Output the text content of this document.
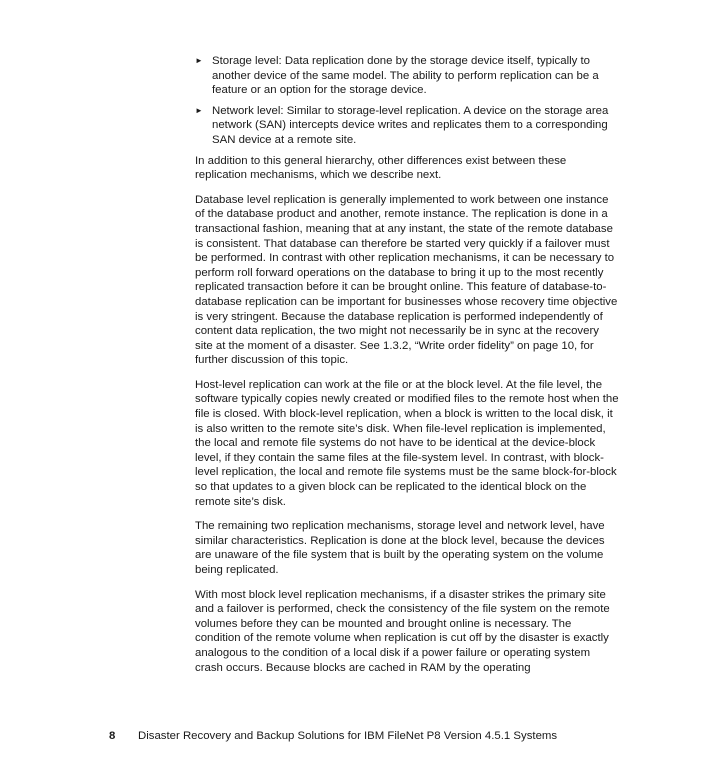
► Storage level: Data replication done by the storage device itself, typically to another device of the same model. The ability to perform replication can be a feature or an option for the storage device.
► Network level: Similar to storage-level replication. A device on the storage area network (SAN) intercepts device writes and replicates them to a corresponding SAN device at a remote site.

In addition to this general hierarchy, other differences exist between these replication mechanisms, which we describe next.

Database level replication is generally implemented to work between one instance of the database product and another, remote instance. The replication is done in a transactional fashion, meaning that at any instant, the state of the remote database is consistent. That database can therefore be started very quickly if a failover must be performed. In contrast with other replication mechanisms, it can be necessary to perform roll forward operations on the database to bring it up to the most recently replicated transaction before it can be brought online. This feature of database-to-database replication can be important for businesses whose recovery time objective is very stringent. Because the database replication is performed independently of content data replication, the two might not necessarily be in sync at the recovery site at the moment of a disaster. See 1.3.2, “Write order fidelity” on page 10, for further discussion of this topic.

Host-level replication can work at the file or at the block level. At the file level, the software typically copies newly created or modified files to the remote host when the file is closed. With block-level replication, when a block is written to the local disk, it is also written to the remote site’s disk. When file-level replication is implemented, the local and remote file systems do not have to be identical at the device-block level, if they contain the same files at the file-system level. In contrast, with block-level replication, the local and remote file systems must be the same block-for-block so that updates to a given block can be replicated to the identical block on the remote site’s disk.

The remaining two replication mechanisms, storage level and network level, have similar characteristics. Replication is done at the block level, because the devices are unaware of the file system that is built by the operating system on the volume being replicated.

With most block level replication mechanisms, if a disaster strikes the primary site and a failover is performed, check the consistency of the file system on the remote volumes before they can be mounted and brought online is necessary. The condition of the remote volume when replication is cut off by the disaster is exactly analogous to the condition of a local disk if a power failure or operating system crash occurs. Because blocks are cached in RAM by the operating

8	Disaster Recovery and Backup Solutions for IBM FileNet P8 Version 4.5.1 Systems
